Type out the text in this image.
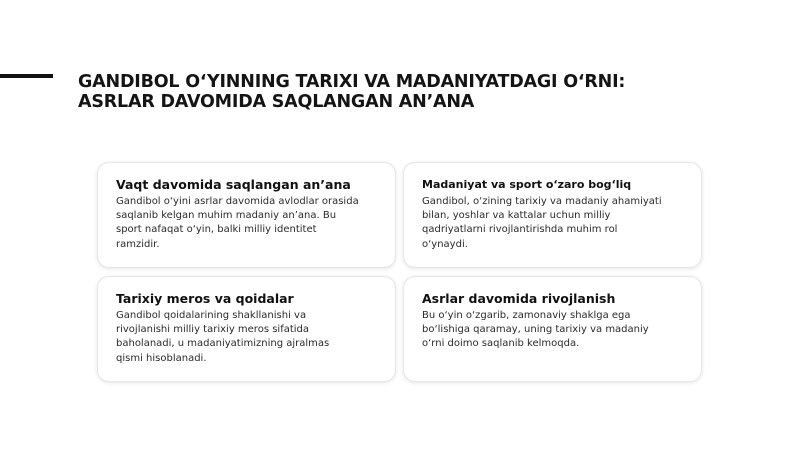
GANDIBOL O‘YINNING TARIXI VA MADANIYATDAGI O‘RNI:
ASRLAR DAVOMIDA SAQLANGAN AN’ANA
Vaqt davomida saqlangan an’ana
Gandibol o‘yini asrlar davomida avlodlar orasida
saqlanib kelgan muhim madaniy an’ana. Bu
sport nafaqat o‘yin, balki milliy identitet
ramzidir.
Madaniyat va sport o‘zaro bog‘liq
Gandibol, o‘zining tarixiy va madaniy ahamiyati
bilan, yoshlar va kattalar uchun milliy
qadriyatlarni rivojlantirishda muhim rol
o‘ynaydi.
Tarixiy meros va qoidalar
Gandibol qoidalarining shakllanishi va
rivojlanishi milliy tarixiy meros sifatida
baholanadi, u madaniyatimizning ajralmas
qismi hisoblanadi.
Asrlar davomida rivojlanish
Bu o‘yin o‘zgarib, zamonaviy shaklga ega
bo‘lishiga qaramay, uning tarixiy va madaniy
o‘rni doimo saqlanib kelmoqda.
